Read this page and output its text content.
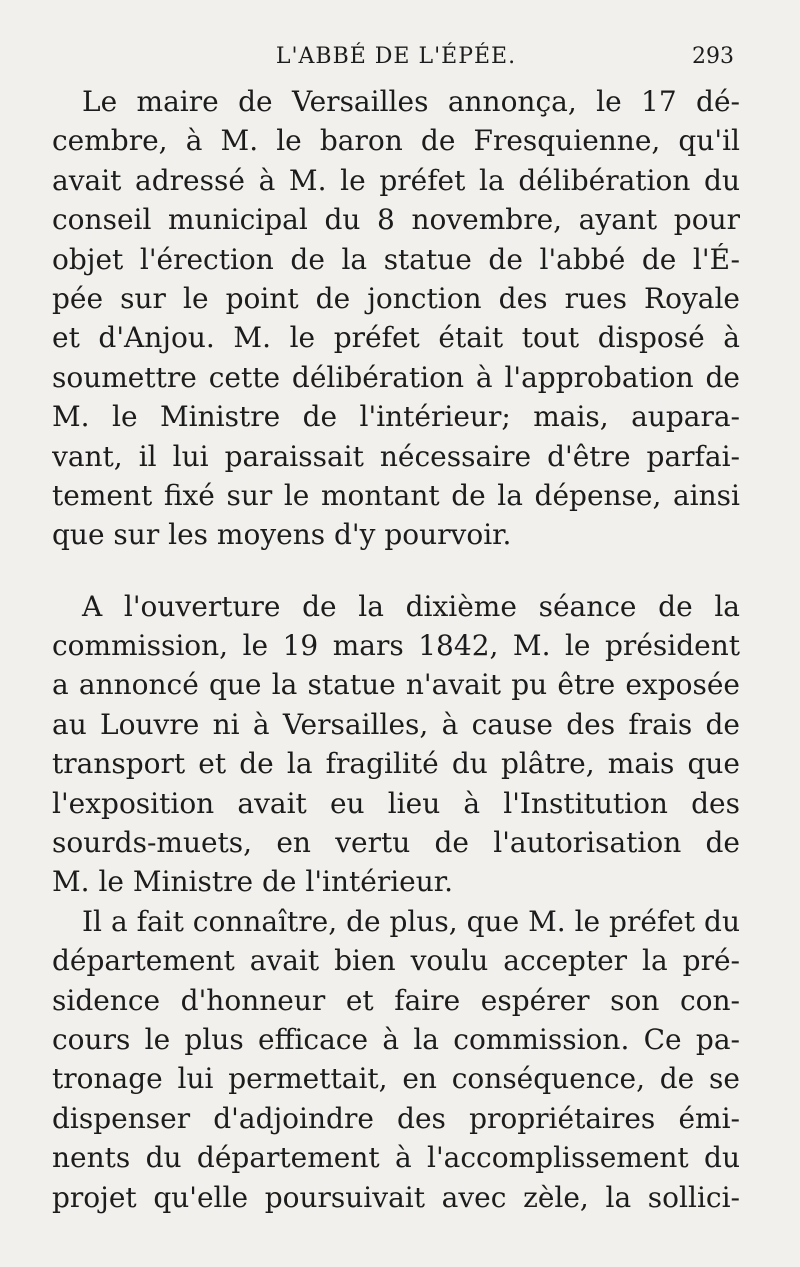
L'ABBÉ DE L'ÉPÉE.	293
Le maire de Versailles annonça, le 17 dé-
cembre, à M. le baron de Fresquienne, qu'il
avait adressé à M. le préfet la délibération du
conseil municipal du 8 novembre, ayant pour
objet l'érection de la statue de l'abbé de l'É-
pée sur le point de jonction des rues Royale
et d'Anjou. M. le préfet était tout disposé à
soumettre cette délibération à l'approbation de
M. le Ministre de l'intérieur; mais, aupara-
vant, il lui paraissait nécessaire d'être parfai-
tement fixé sur le montant de la dépense, ainsi
que sur les moyens d'y pourvoir.
A l'ouverture de la dixième séance de la
commission, le 19 mars 1842, M. le président
a annoncé que la statue n'avait pu être exposée
au Louvre ni à Versailles, à cause des frais de
transport et de la fragilité du plâtre, mais que
l'exposition avait eu lieu à l'Institution des
sourds-muets, en vertu de l'autorisation de
M. le Ministre de l'intérieur.
Il a fait connaître, de plus, que M. le préfet du
département avait bien voulu accepter la pré-
sidence d'honneur et faire espérer son con-
cours le plus efficace à la commission. Ce pa-
tronage lui permettait, en conséquence, de se
dispenser d'adjoindre des propriétaires émi-
nents du département à l'accomplissement du
projet qu'elle poursuivait avec zèle, la sollici-
